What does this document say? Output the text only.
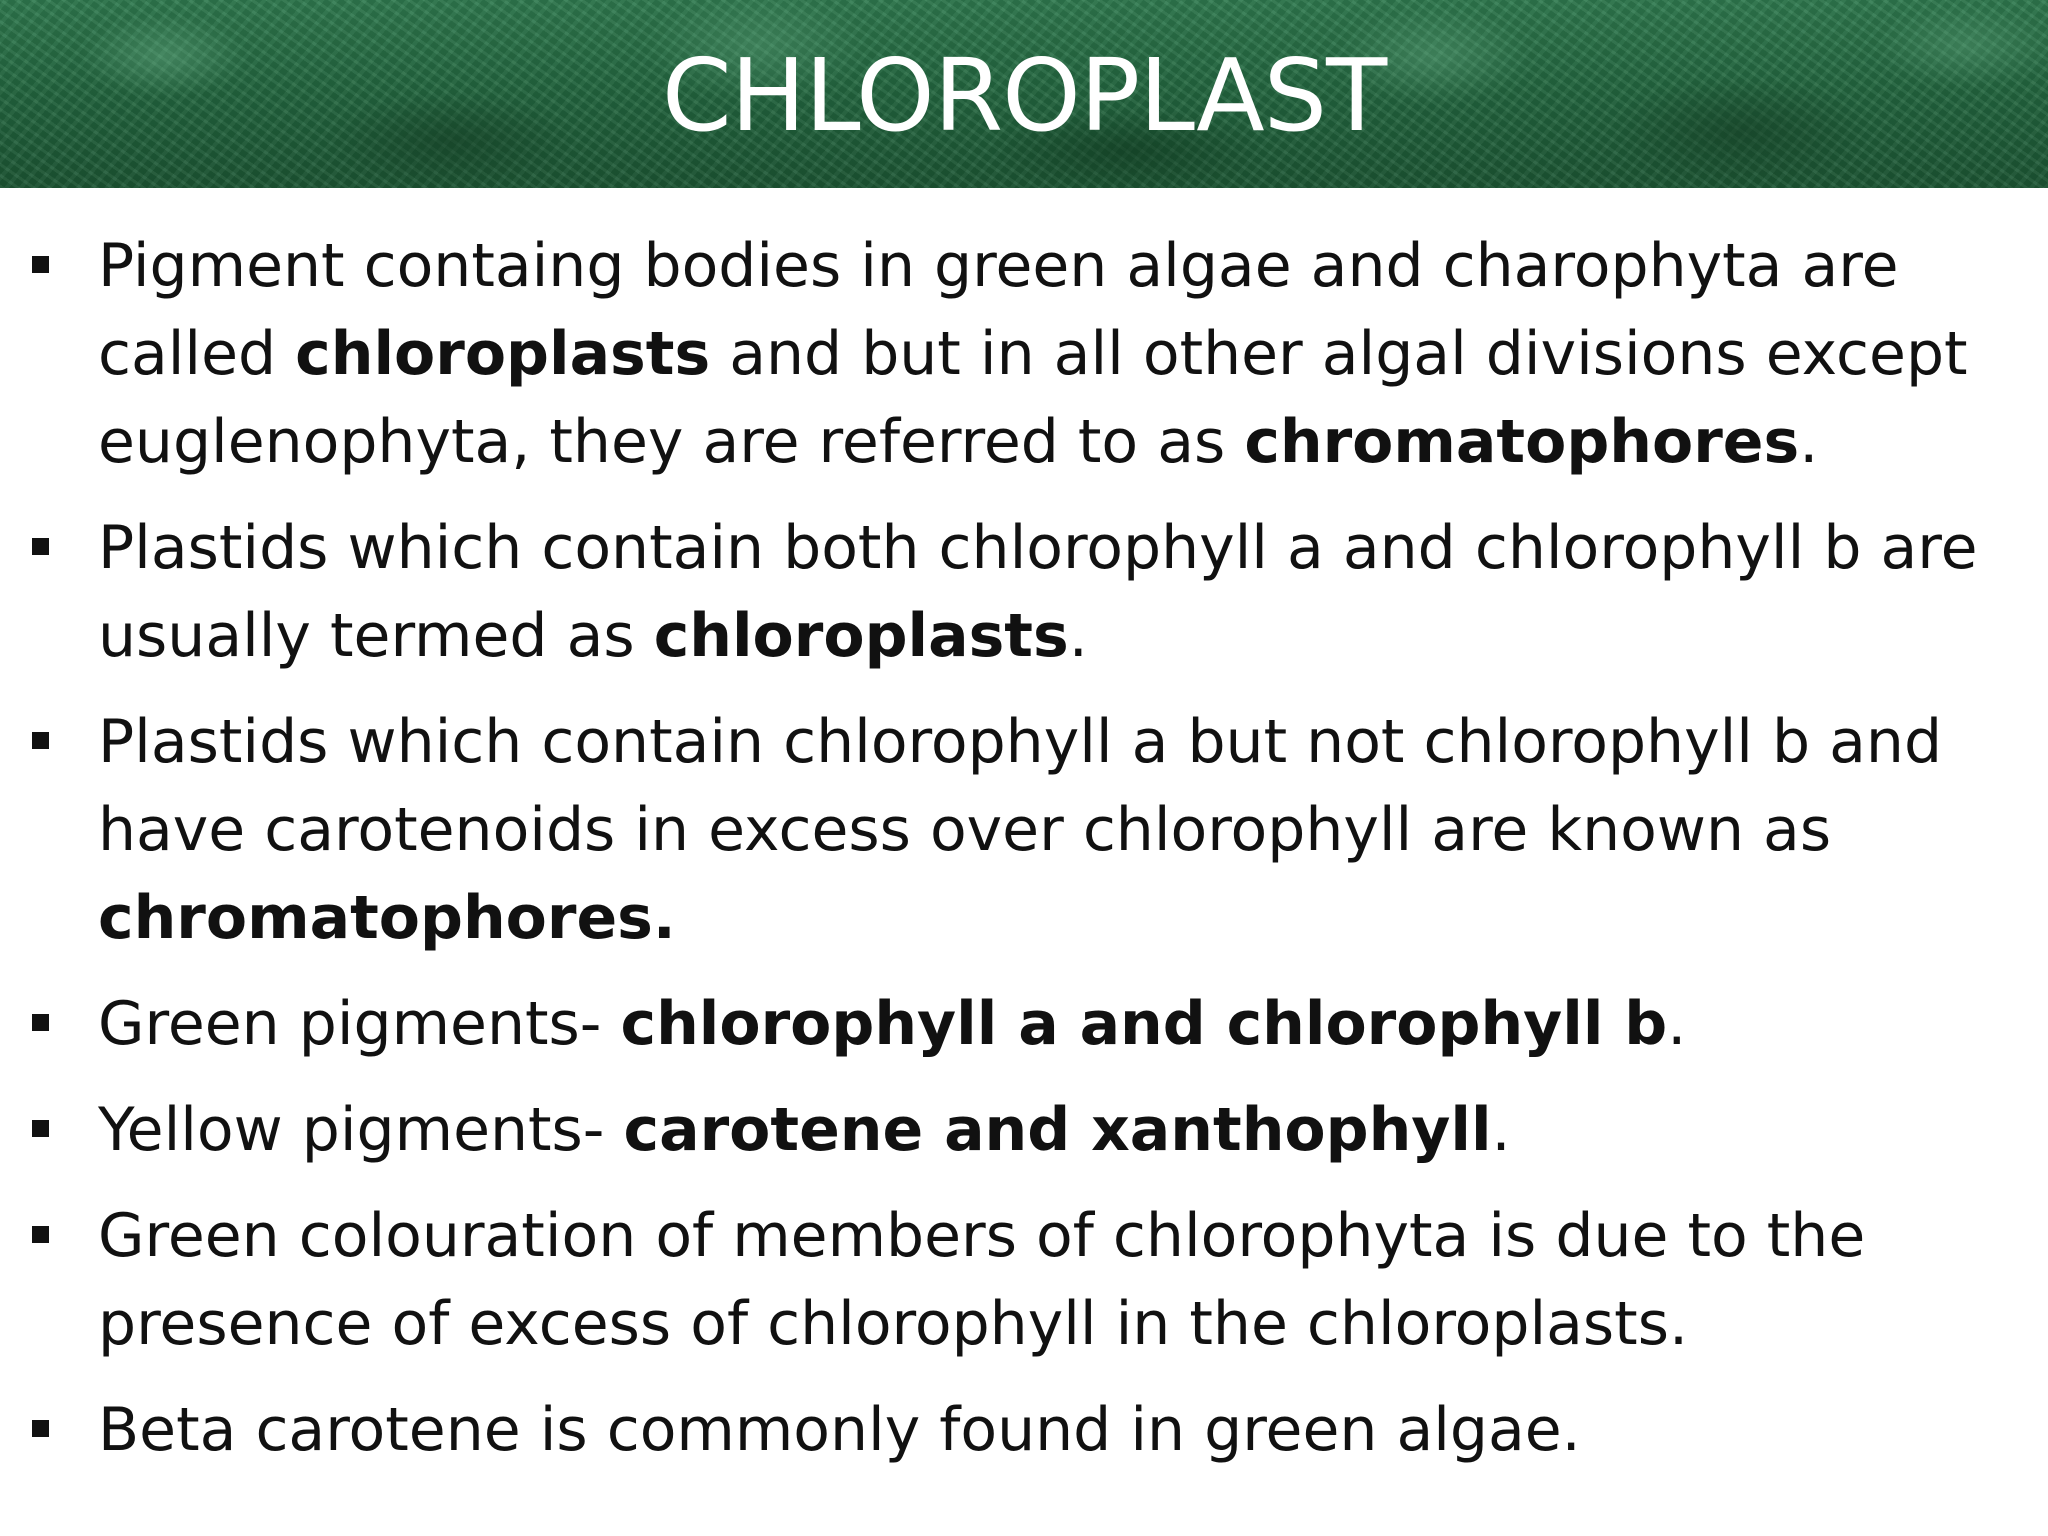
CHLOROPLAST
Pigment containg bodies in green algae and charophyta are called chloroplasts and but in all other algal divisions except euglenophyta, they are referred to as chromatophores.
Plastids which contain both chlorophyll a and chlorophyll b are usually termed as chloroplasts.
Plastids which contain chlorophyll a but not chlorophyll b and have carotenoids in excess over chlorophyll are known as chromatophores.
Green pigments- chlorophyll a and chlorophyll b.
Yellow pigments- carotene and xanthophyll.
Green colouration of members of chlorophyta is due to the presence of excess of chlorophyll in the chloroplasts.
Beta carotene is commonly found in green algae.
